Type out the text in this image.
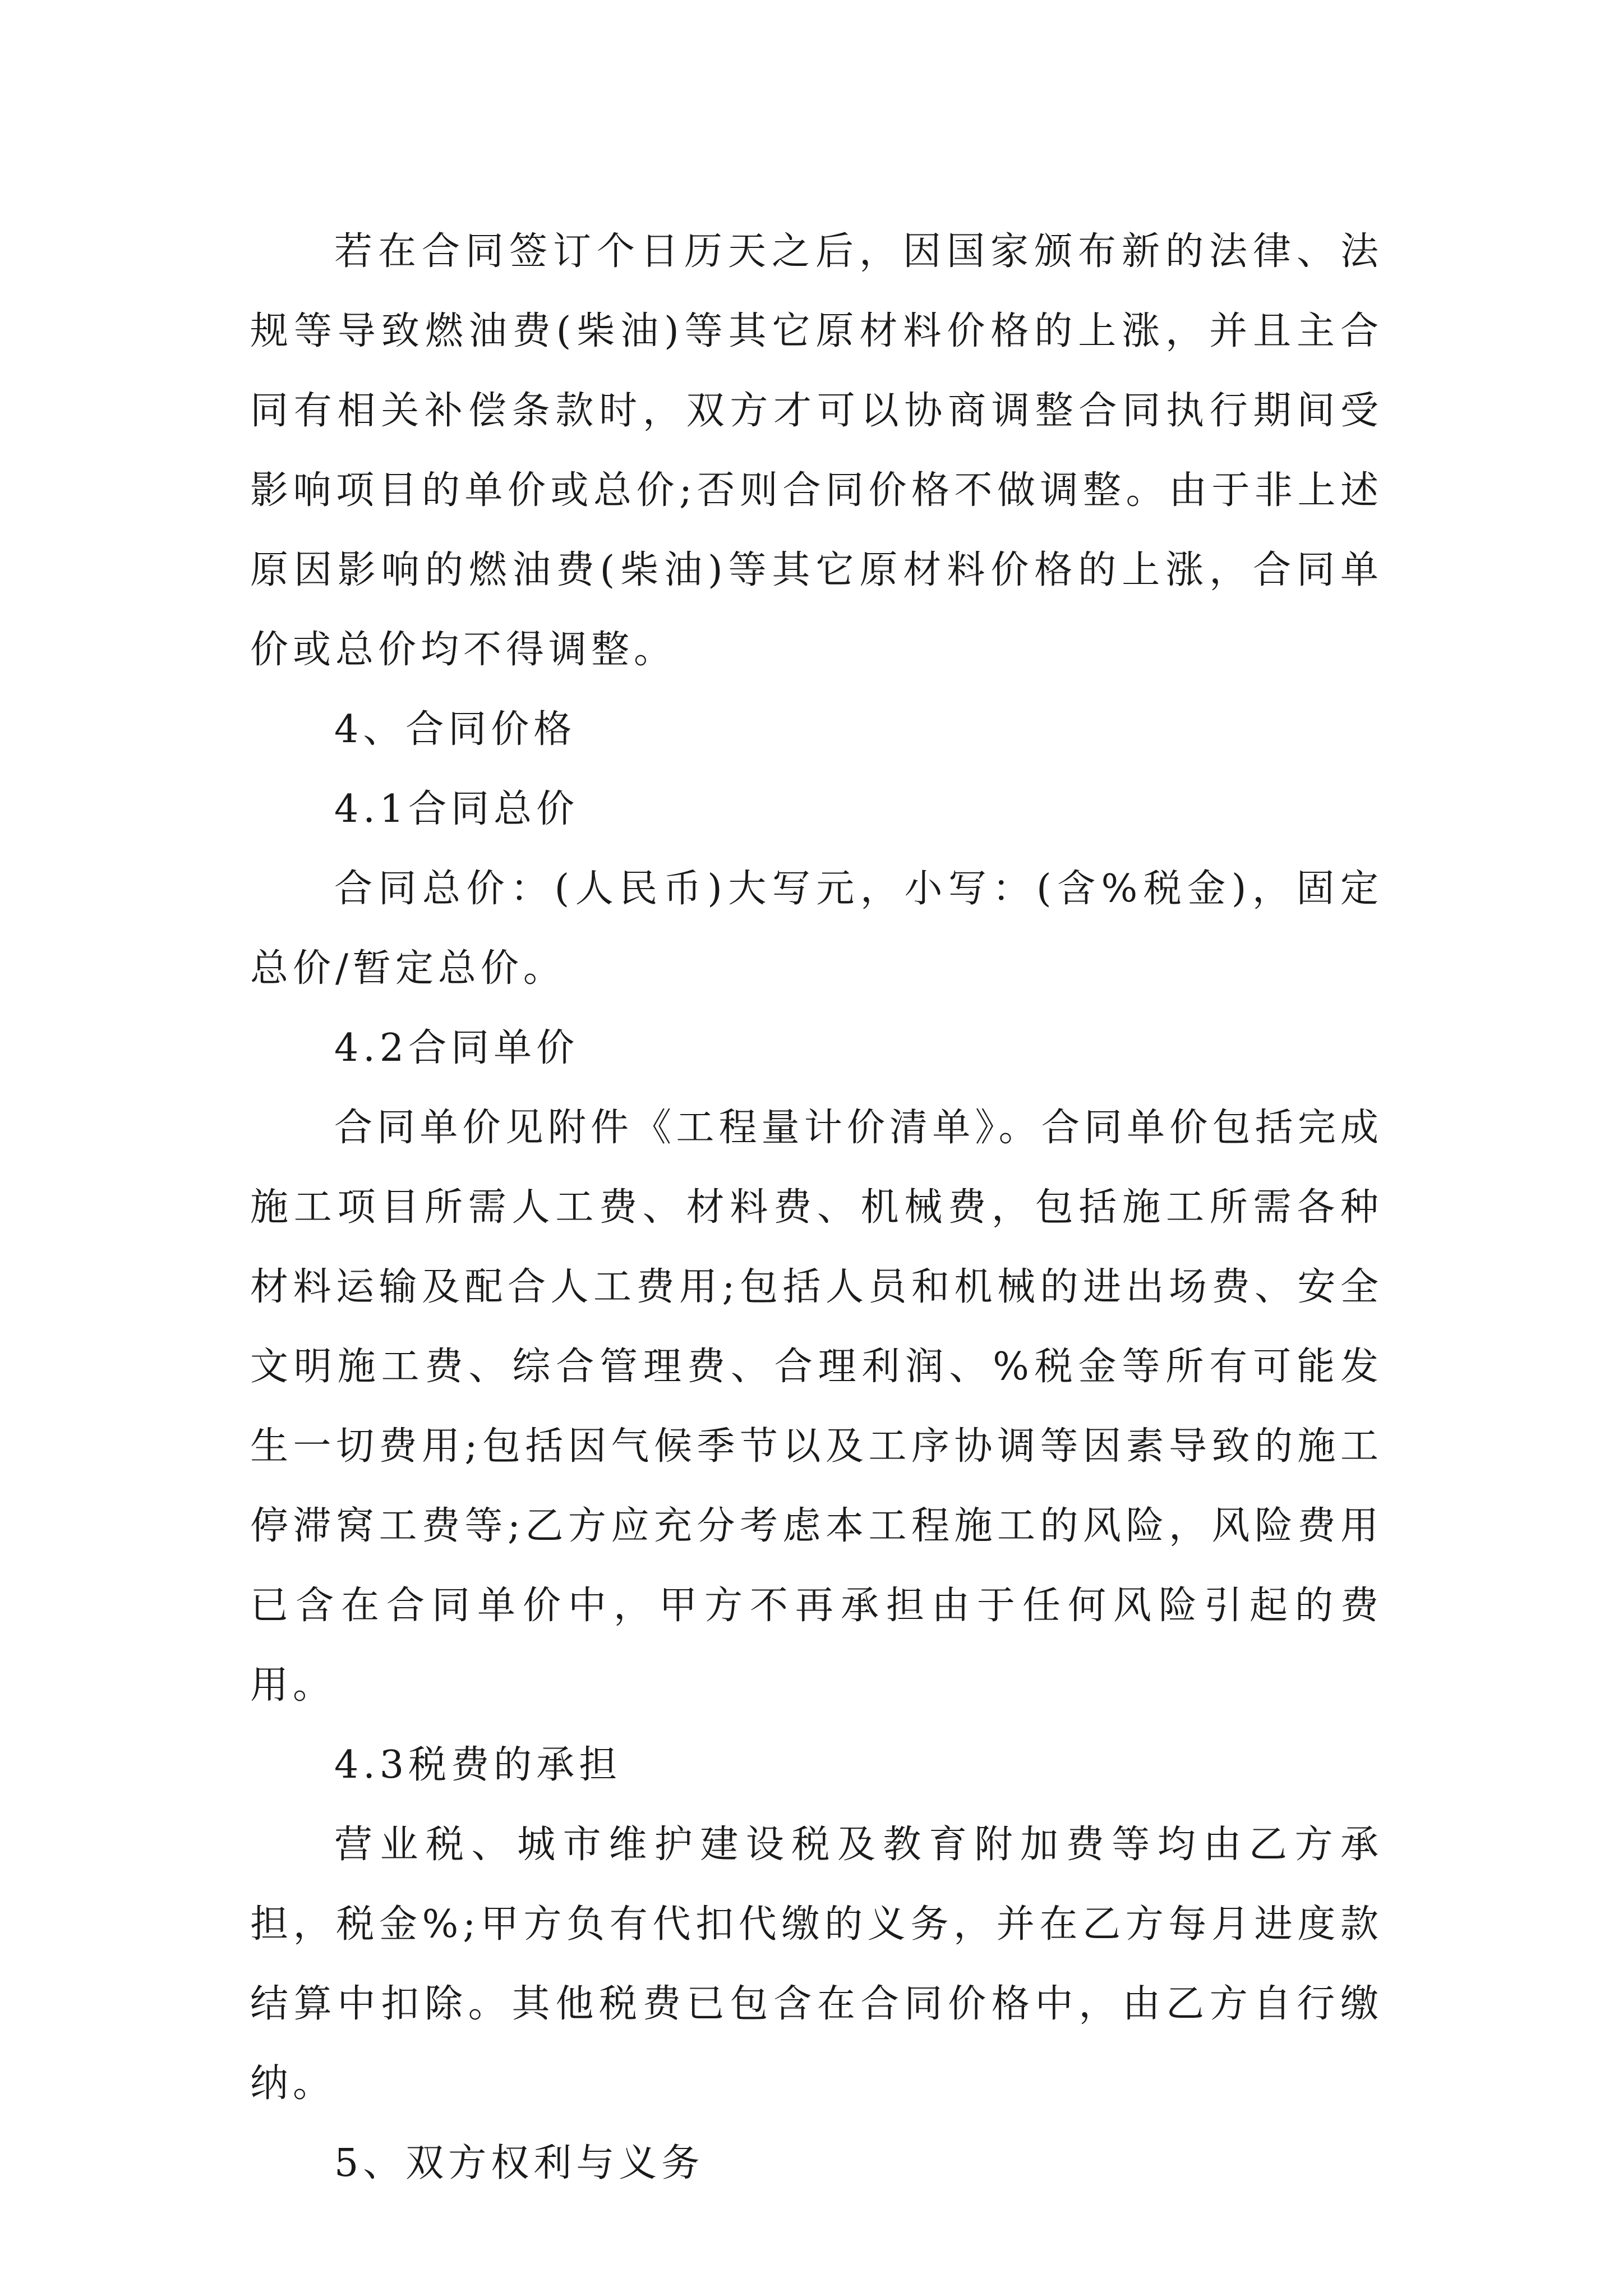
若在合同签订个日历天之后，因国家颁布新的法律、法规等导致燃油费(柴油)等其它原材料价格的上涨，并且主合同有相关补偿条款时，双方才可以协商调整合同执行期间受影响项目的单价或总价;否则合同价格不做调整。由于非上述原因影响的燃油费(柴油)等其它原材料价格的上涨，合同单价或总价均不得调整。

4、合同价格

4.1合同总价

合同总价：(人民币)大写元，小写：(含%税金)，固定总价/暂定总价。

4.2合同单价

合同单价见附件《工程量计价清单》。合同单价包括完成施工项目所需人工费、材料费、机械费，包括施工所需各种材料运输及配合人工费用;包括人员和机械的进出场费、安全文明施工费、综合管理费、合理利润、%税金等所有可能发生一切费用;包括因气候季节以及工序协调等因素导致的施工停滞窝工费等;乙方应充分考虑本工程施工的风险，风险费用已含在合同单价中，甲方不再承担由于任何风险引起的费用。

4.3税费的承担

营业税、城市维护建设税及教育附加费等均由乙方承担，税金%;甲方负有代扣代缴的义务，并在乙方每月进度款结算中扣除。其他税费已包含在合同价格中，由乙方自行缴纳。

5、双方权利与义务
